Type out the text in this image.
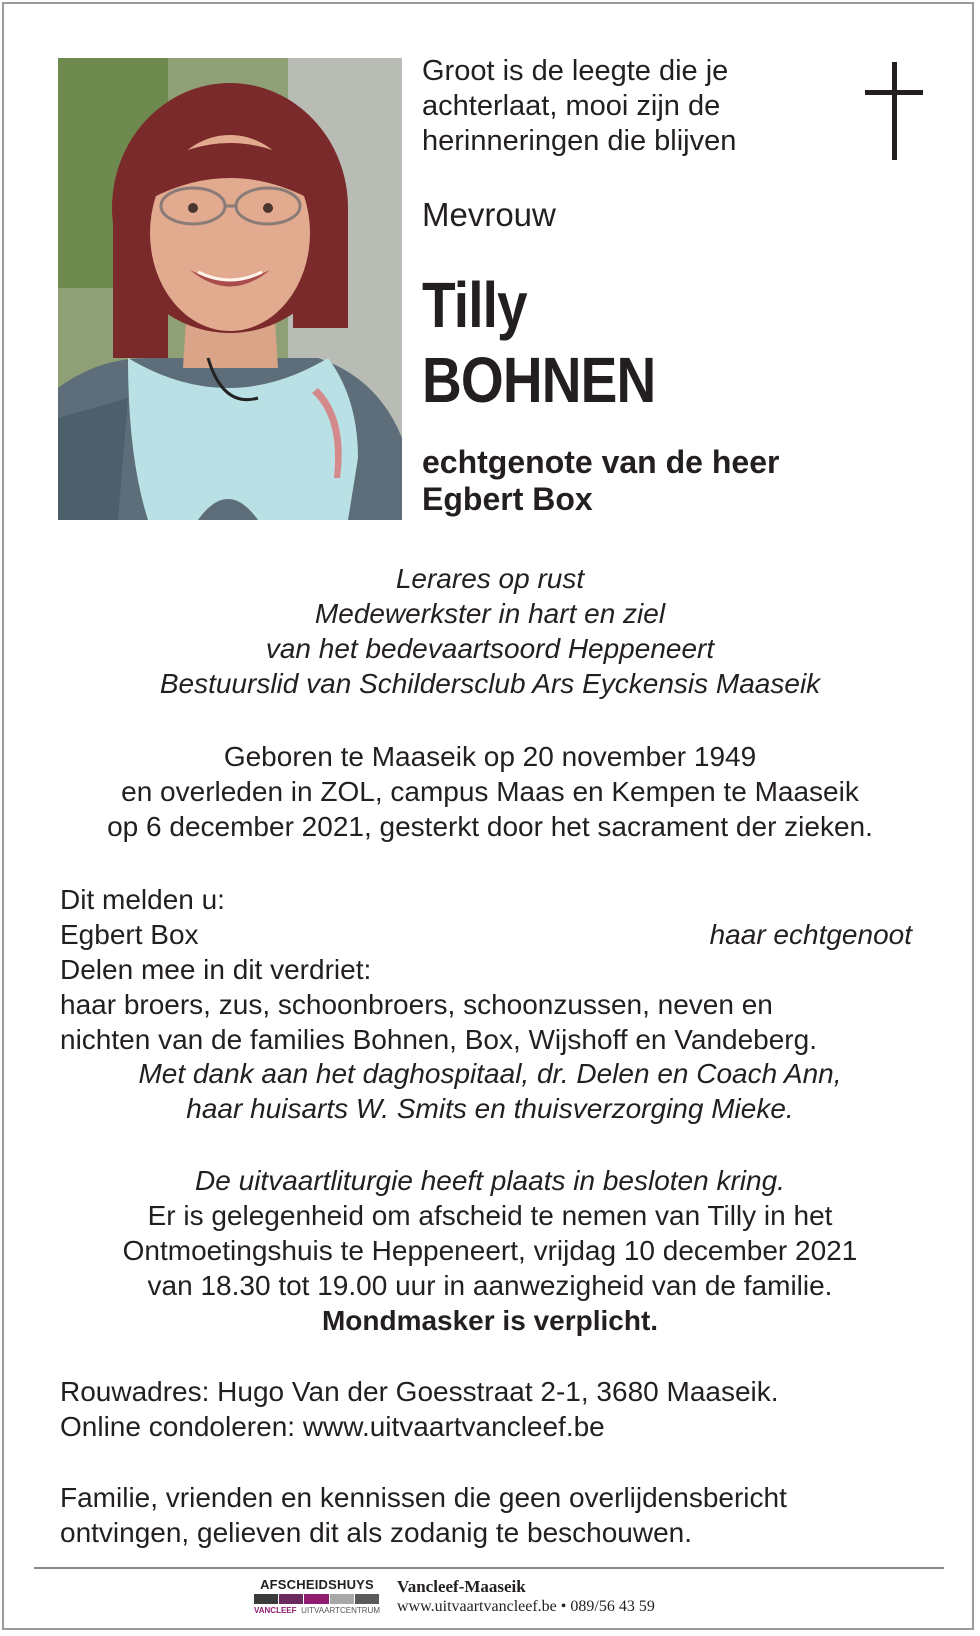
Groot is de leegte die je
achterlaat, mooi zijn de
herinneringen die blijven
Mevrouw
Tilly
BOHNEN
echtgenote van de heer
Egbert Box
Lerares op rust
Medewerkster in hart en ziel
van het bedevaartsoord Heppeneert
Bestuurslid van Schildersclub Ars Eyckensis Maaseik
Geboren te Maaseik op 20 november 1949
en overleden in ZOL, campus Maas en Kempen te Maaseik
op 6 december 2021, gesterkt door het sacrament der zieken.
Dit melden u:
Egbert Box	haar echtgenoot
Delen mee in dit verdriet:
haar broers, zus, schoonbroers, schoonzussen, neven en
nichten van de families Bohnen, Box, Wijshoff en Vandeberg.
Met dank aan het daghospitaal, dr. Delen en Coach Ann,
haar huisarts W. Smits en thuisverzorging Mieke.
De uitvaartliturgie heeft plaats in besloten kring.
Er is gelegenheid om afscheid te nemen van Tilly in het
Ontmoetingshuis te Heppeneert, vrijdag 10 december 2021
van 18.30 tot 19.00 uur in aanwezigheid van de familie.
Mondmasker is verplicht.
Rouwadres: Hugo Van der Goesstraat 2-1, 3680 Maaseik.
Online condoleren: www.uitvaartvancleef.be
Familie, vrienden en kennissen die geen overlijdensbericht
ontvingen, gelieven dit als zodanig te beschouwen.
AFSCHEIDSHUYS
VANCLEEF UITVAARTCENTRUM
Vancleef-Maaseik
www.uitvaartvancleef.be • 089/56 43 59
